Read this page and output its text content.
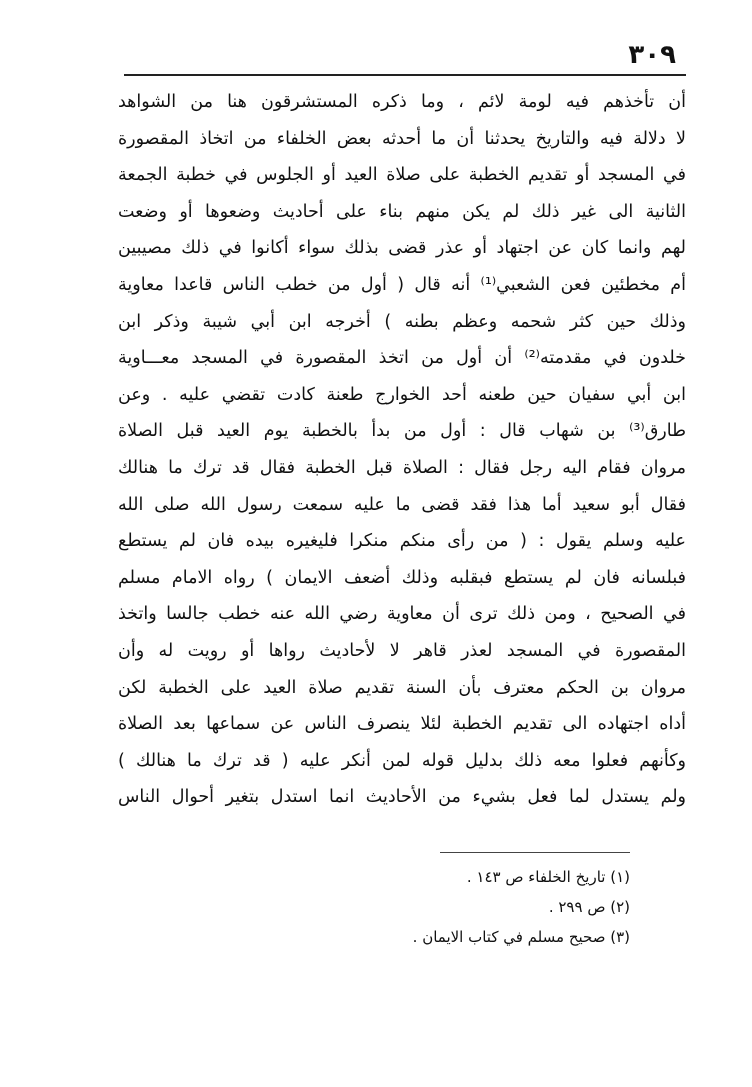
٣٠٩
أن تأخذهم فيه لومة لائم ، وما ذكره المستشرقون هنا من الشواهد
لا دلالة فيه والتاريخ يحدثنا أن ما أحدثه بعض الخلفاء من اتخاذ المقصورة
في المسجد أو تقديم الخطبة على صلاة العيد أو الجلوس في خطبة الجمعة
الثانية الى غير ذلك لم يكن منهم بناء على أحاديث وضعوها أو وضعت
لهم وانما كان عن اجتهاد أو عذر قضى بذلك سواء أكانوا في ذلك مصيبين
أم مخطئين فعن الشعبي⁽¹⁾ أنه قال ( أول من خطب الناس قاعدا معاوية
وذلك حين كثر شحمه وعظم بطنه ) أخرجه ابن أبي شيبة وذكر ابن
خلدون في مقدمته⁽²⁾ أن أول من اتخذ المقصورة في المسجد معـــاوية
ابن أبي سفيان حين طعنه أحد الخوارج طعنة كادت تقضي عليه . وعن
طارق⁽³⁾ بن شهاب قال : أول من بدأ بالخطبة يوم العيد قبل الصلاة
مروان فقام اليه رجل فقال : الصلاة قبل الخطبة فقال قد ترك ما هنالك
فقال أبو سعيد أما هذا فقد قضى ما عليه سمعت رسول الله صلى الله
عليه وسلم يقول : ( من رأى منكم منكرا فليغيره بيده فان لم يستطع
فبلسانه فان لم يستطع فبقلبه وذلك أضعف الايمان ) رواه الامام مسلم
في الصحيح ، ومن ذلك ترى أن معاوية رضي الله عنه خطب جالسا واتخذ
المقصورة في المسجد لعذر قاهر لا لأحاديث رواها أو رويت له وأن
مروان بن الحكم معترف بأن السنة تقديم صلاة العيد على الخطبة لكن
أداه اجتهاده الى تقديم الخطبة لئلا ينصرف الناس عن سماعها بعد الصلاة
وكأنهم فعلوا معه ذلك بدليل قوله لمن أنكر عليه ( قد ترك ما هنالك )
ولم يستدل لما فعل بشيء من الأحاديث انما استدل بتغير أحوال الناس
(١) تاريخ الخلفاء ص ١٤٣ .
(٢) ص ٢٩٩ .
(٣) صحيح مسلم في كتاب الايمان .
